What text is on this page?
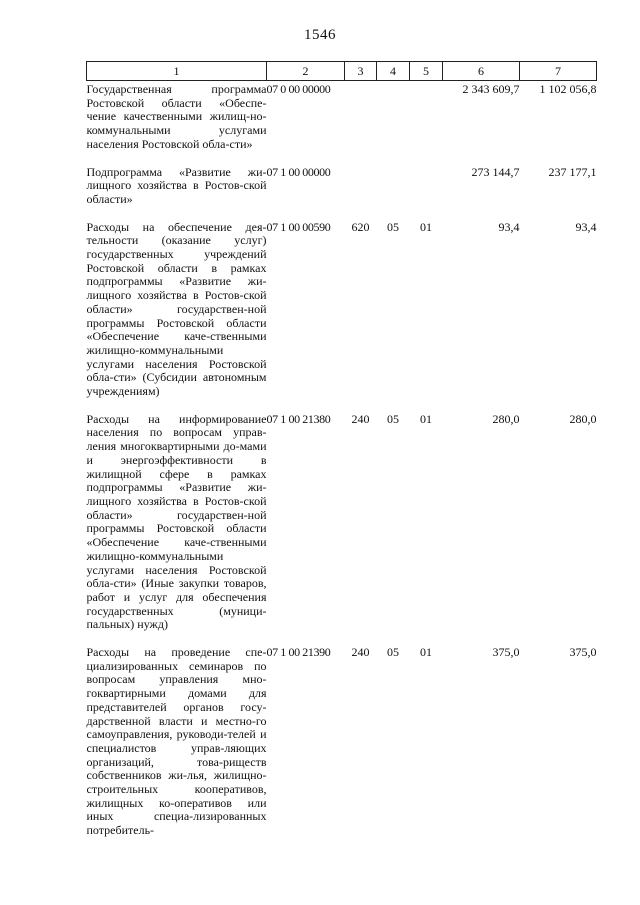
1546
1	2	3	4	5	6	7
Государственная программа Ростовской области «Обеспе-чение качественными жилищ-но-коммунальными услугами населения Ростовской обла-сти»	07 0 00 00000				2 343 609,7	1 102 056,8
Подпрограмма «Развитие жи-лищного хозяйства в Ростов-ской области»	07 1 00 00000				273 144,7	237 177,1
Расходы на обеспечение дея-тельности (оказание услуг) государственных учреждений Ростовской области в рамках подпрограммы «Развитие жи-лищного хозяйства в Ростов-ской области» государствен-ной программы Ростовской области «Обеспечение каче-ственными жилищно-коммунальными услугами населения Ростовской обла-сти» (Субсидии автономным учреждениям)	07 1 00 00590	620	05	01	93,4	93,4
Расходы на информирование населения по вопросам управ-ления многоквартирными до-мами и энергоэффективности в жилищной сфере в рамках подпрограммы «Развитие жи-лищного хозяйства в Ростов-ской области» государствен-ной программы Ростовской области «Обеспечение каче-ственными жилищно-коммунальными услугами населения Ростовской обла-сти» (Иные закупки товаров, работ и услуг для обеспечения государственных (муници-пальных) нужд)	07 1 00 21380	240	05	01	280,0	280,0
Расходы на проведение спе-циализированных семинаров по вопросам управления мно-гоквартирными домами для представителей органов госу-дарственной власти и местно-го самоуправления, руководи-телей и специалистов управ-ляющих организаций, това-риществ собственников жи-лья, жилищно-строительных кооперативов, жилищных ко-оперативов или иных специа-лизированных потребитель-	07 1 00 21390	240	05	01	375,0	375,0
